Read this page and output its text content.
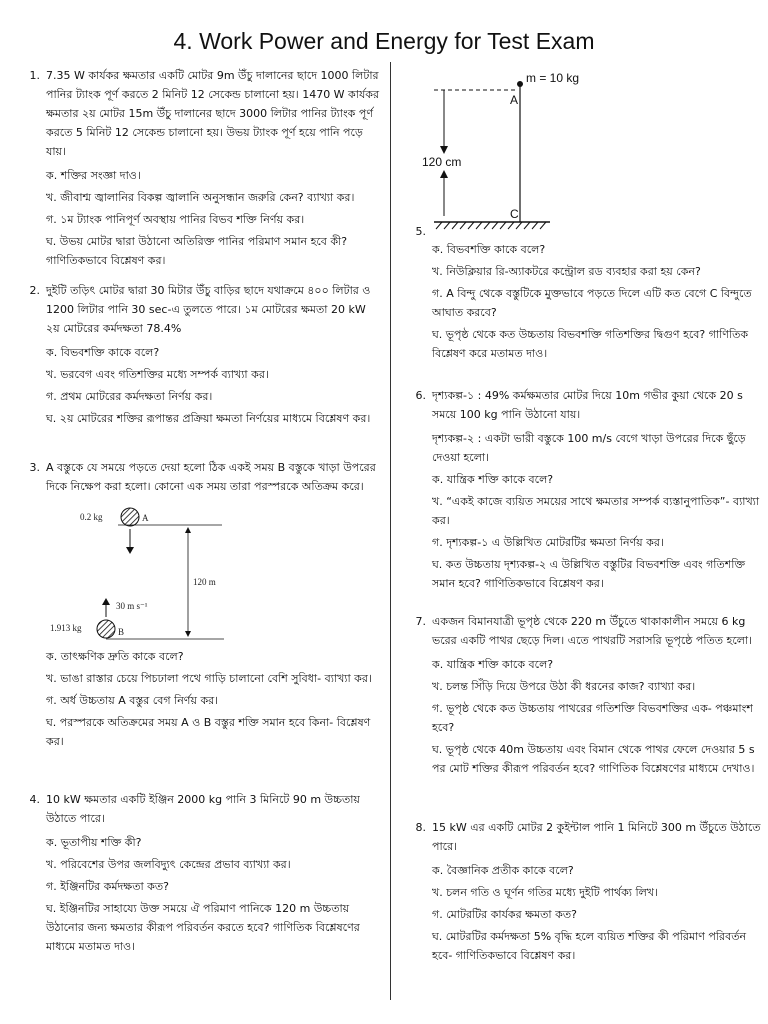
4. Work Power and Energy for Test Exam
1. 7.35 W কার্যকর ক্ষমতার একটি মোটর 9m উঁচু দালানের ছাদে 1000 লিটার পানির ট্যাংক পূর্ণ করতে 2 মিনিট 12 সেকেন্ড চালানো হয়। 1470 W কার্যকর ক্ষমতার ২য় মোটর 15m উঁচু দালানের ছাদে 3000 লিটার পানির ট্যাংক পূর্ণ করতে 5 মিনিট 12 সেকেন্ড চালানো হয়। উভয় ট্যাংক পূর্ণ হয়ে পানি পড়ে যায়।
ক. শক্তির সংজ্ঞা দাও।
খ. জীবাশ্ম জ্বালানির বিকল্প জ্বালানি অনুসন্ধান জরুরি কেন? ব্যাখ্যা কর।
গ. ১ম ট্যাংক পানিপূর্ণ অবস্থায় পানির বিভব শক্তি নির্ণয় কর।
ঘ. উভয় মোটর দ্বারা উঠানো অতিরিক্ত পানির পরিমাণ সমান হবে কী? গাণিতিকভাবে বিশ্লেষণ কর।
2. দুইটি তড়িৎ মোটর দ্বারা 30 মিটার উঁচু বাড়ির ছাদে যথাক্রমে ৪০০ লিটার ও 1200 লিটার পানি 30 sec-এ তুলতে পারে। ১ম মোটরের ক্ষমতা 20 kW ২য় মোটরের কর্মদক্ষতা 78.4%
ক. বিভবশক্তি কাকে বলে?
খ. ভরবেগ এবং গতিশক্তির মধ্যে সম্পর্ক ব্যাখ্যা কর।
গ. প্রথম মোটরের কর্মদক্ষতা নির্ণয় কর।
ঘ. ২য় মোটরের শক্তির রূপান্তর প্রক্রিয়া ক্ষমতা নির্ণয়ের মাধ্যমে বিশ্লেষণ কর।
3. A বস্তুকে যে সময়ে পড়তে দেয়া হলো ঠিক একই সময় B বস্তুকে খাড়া উপরের দিকে নিক্ষেপ করা হলো। কোনো এক সময় তারা পরস্পরকে অতিক্রম করে।
0.2 kg	A
120 m
30 m s⁻¹
1.913 kg	B
ক. তাৎক্ষণিক দ্রুতি কাকে বলে?
খ. ভাঙা রাস্তার চেয়ে পিচঢালা পথে গাড়ি চালানো বেশি সুবিধা- ব্যাখ্যা কর।
গ. অর্ধ উচ্চতায় A বস্তুর বেগ নির্ণয় কর।
ঘ. পরস্পরকে অতিক্রমের সময় A ও B বস্তুর শক্তি সমান হবে কিনা- বিশ্লেষণ কর।
4. 10 kW ক্ষমতার একটি ইঞ্জিন 2000 kg পানি 3 মিনিটে 90 m উচ্চতায় উঠাতে পারে।
ক. ভূতাপীয় শক্তি কী?
খ. পরিবেশের উপর জলবিদ্যুৎ কেন্দ্রের প্রভাব ব্যাখ্যা কর।
গ. ইঞ্জিনটির কর্মদক্ষতা কত?
ঘ. ইঞ্জিনটির সাহায্যে উক্ত সময়ে ঐ পরিমাণ পানিকে 120 m উচ্চতায় উঠানোর জন্য ক্ষমতার কীরূপ পরিবর্তন করতে হবে? গাণিতিক বিশ্লেষণের মাধ্যমে মতামত দাও।
m = 10 kg
A
120 cm
C
5.
ক. বিভবশক্তি কাকে বলে?
খ. নিউক্লিয়ার রি-অ্যাকটরে কন্ট্রোল রড ব্যবহার করা হয় কেন?
গ. A বিন্দু থেকে বস্তুটিকে মুক্তভাবে পড়তে দিলে এটি কত বেগে C বিন্দুতে আঘাত করবে?
ঘ. ভূপৃষ্ঠ থেকে কত উচ্চতায় বিভবশক্তি গতিশক্তির দ্বিগুণ হবে? গাণিতিক বিশ্লেষণ করে মতামত দাও।
6. দৃশ্যকল্প-১ : 49% কর্মক্ষমতার মোটর দিয়ে 10m গভীর কুয়া থেকে 20 s সময়ে 100 kg পানি উঠানো যায়।
দৃশ্যকল্প-২ : একটা ভারী বস্তুকে 100 m/s বেগে খাড়া উপরের দিকে ছুঁড়ে দেওয়া হলো।
ক. যান্ত্রিক শক্তি কাকে বলে?
খ. “একই কাজে ব্যয়িত সময়ের সাথে ক্ষমতার সম্পর্ক ব্যস্তানুপাতিক”- ব্যাখ্যা কর।
গ. দৃশ্যকল্প-১ এ উল্লিখিত মোটরটির ক্ষমতা নির্ণয় কর।
ঘ. কত উচ্চতায় দৃশ্যকল্প-২ এ উল্লিখিত বস্তুটির বিভবশক্তি এবং গতিশক্তি সমান হবে? গাণিতিকভাবে বিশ্লেষণ কর।
7. একজন বিমানযাত্রী ভূপৃষ্ঠ থেকে 220 m উঁচুতে থাকাকালীন সময়ে 6 kg ভরের একটি পাথর ছেড়ে দিল। এতে পাথরটি সরাসরি ভূপৃষ্ঠে পতিত হলো।
ক. যান্ত্রিক শক্তি কাকে বলে?
খ. চলন্ত সিঁড়ি দিয়ে উপরে উঠা কী ধরনের কাজ? ব্যাখ্যা কর।
গ. ভূপৃষ্ঠ থেকে কত উচ্চতায় পাথরের গতিশক্তি বিভবশক্তির এক- পঞ্চমাংশ হবে?
ঘ. ভূপৃষ্ঠ থেকে 40m উচ্চতায় এবং বিমান থেকে পাথর ফেলে দেওয়ার 5 s পর মোট শক্তির কীরূপ পরিবর্তন হবে? গাণিতিক বিশ্লেষণের মাধ্যমে দেখাও।
8. 15 kW এর একটি মোটর 2 কুইন্টাল পানি 1 মিনিটে 300 m উঁচুতে উঠাতে পারে।
ক. বৈজ্ঞানিক প্রতীক কাকে বলে?
খ. চলন গতি ও ঘূর্ণন গতির মধ্যে দুইটি পার্থক্য লিখ।
গ. মোটরটির কার্যকর ক্ষমতা কত?
ঘ. মোটরটির কর্মদক্ষতা 5% বৃদ্ধি হলে ব্যয়িত শক্তির কী পরিমাণ পরিবর্তন হবে- গাণিতিকভাবে বিশ্লেষণ কর।
